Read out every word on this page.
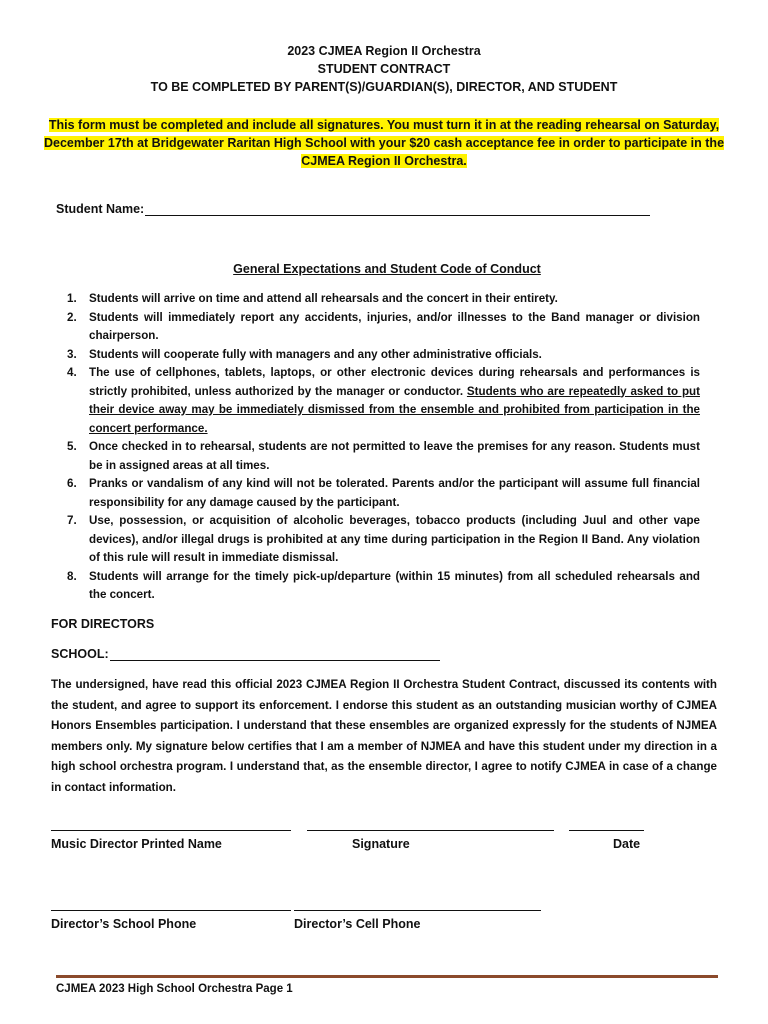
2023 CJMEA Region II Orchestra
STUDENT CONTRACT
TO BE COMPLETED BY PARENT(S)/GUARDIAN(S), DIRECTOR, AND STUDENT
This form must be completed and include all signatures. You must turn it in at the reading rehearsal on Saturday, December 17th at Bridgewater Raritan High School with your $20 cash acceptance fee in order to participate in the CJMEA Region II Orchestra.
Student Name:
General Expectations and Student Code of Conduct
1. Students will arrive on time and attend all rehearsals and the concert in their entirety.
2. Students will immediately report any accidents, injuries, and/or illnesses to the Band manager or division chairperson.
3. Students will cooperate fully with managers and any other administrative officials.
4. The use of cellphones, tablets, laptops, or other electronic devices during rehearsals and performances is strictly prohibited, unless authorized by the manager or conductor. Students who are repeatedly asked to put their device away may be immediately dismissed from the ensemble and prohibited from participation in the concert performance.
5. Once checked in to rehearsal, students are not permitted to leave the premises for any reason. Students must be in assigned areas at all times.
6. Pranks or vandalism of any kind will not be tolerated. Parents and/or the participant will assume full financial responsibility for any damage caused by the participant.
7. Use, possession, or acquisition of alcoholic beverages, tobacco products (including Juul and other vape devices), and/or illegal drugs is prohibited at any time during participation in the Region II Band. Any violation of this rule will result in immediate dismissal.
8. Students will arrange for the timely pick-up/departure (within 15 minutes) from all scheduled rehearsals and the concert.
FOR DIRECTORS
SCHOOL:
The undersigned, have read this official 2023 CJMEA Region II Orchestra Student Contract, discussed its contents with the student, and agree to support its enforcement. I endorse this student as an outstanding musician worthy of CJMEA Honors Ensembles participation. I understand that these ensembles are organized expressly for the students of NJMEA members only. My signature below certifies that I am a member of NJMEA and have this student under my direction in a high school orchestra program. I understand that, as the ensemble director, I agree to notify CJMEA in case of a change in contact information.
Music Director Printed Name	Signature	Date
Director’s School Phone	Director’s Cell Phone
CJMEA 2023 High School Orchestra Page 1
